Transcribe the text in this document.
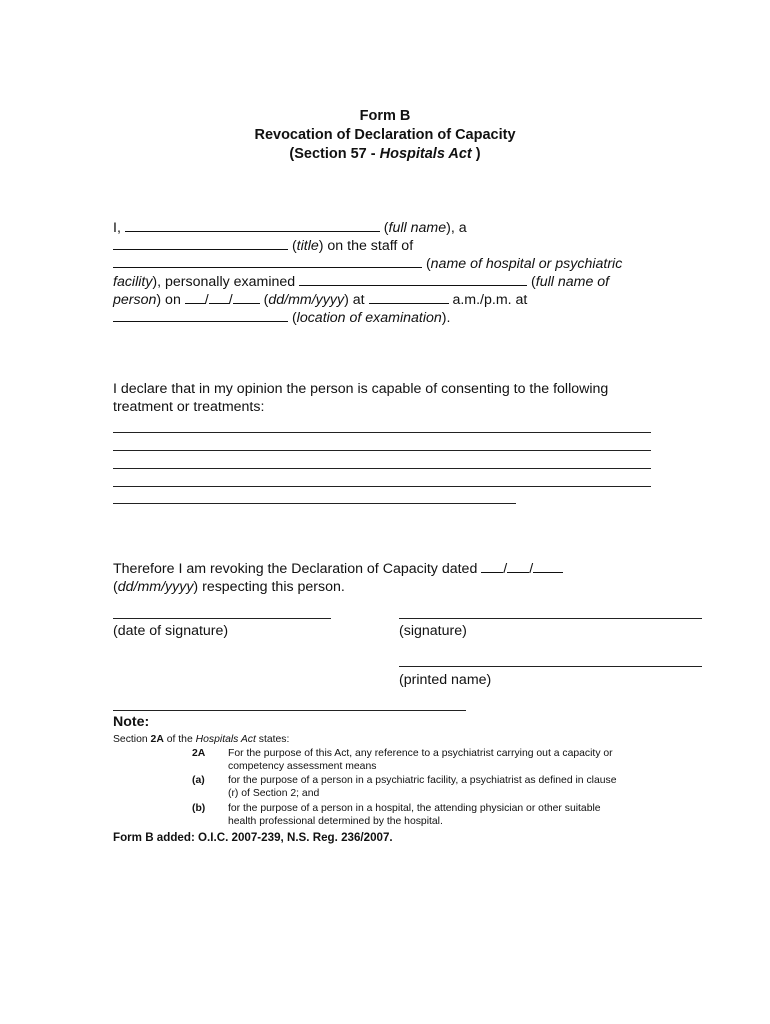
Form B
Revocation of Declaration of Capacity
(Section 57 - Hospitals Act )
I,	(full name), a
(title) on the staff of
(name of hospital or psychiatric
facility), personally examined	(full name of
person) on / / (dd/mm/yyyy) at	a.m./p.m. at
(location of examination).
I declare that in my opinion the person is capable of consenting to the following
treatment or treatments:
Therefore I am revoking the Declaration of Capacity dated / /
(dd/mm/yyyy) respecting this person.
(date of signature)	(signature)
(printed name)
Note:
Section 2A of the Hospitals Act states:
2A For the purpose of this Act, any reference to a psychiatrist carrying out a capacity or
competency assessment means
(a) for the purpose of a person in a psychiatric facility, a psychiatrist as defined in clause
(r) of Section 2; and
(b) for the purpose of a person in a hospital, the attending physician or other suitable
health professional determined by the hospital.
Form B added: O.I.C. 2007-239, N.S. Reg. 236/2007.
